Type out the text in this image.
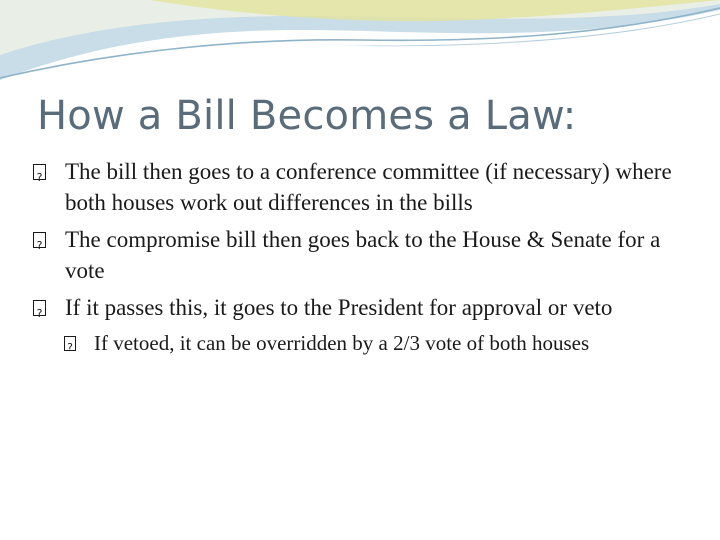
How a Bill Becomes a Law:
?
The bill then goes to a conference committee (if necessary) where both houses work out differences in the bills
?
The compromise bill then goes back to the House & Senate for a vote
?
If it passes this, it goes to the President for approval or veto
?
If vetoed, it can be overridden by a 2/3 vote of both houses
